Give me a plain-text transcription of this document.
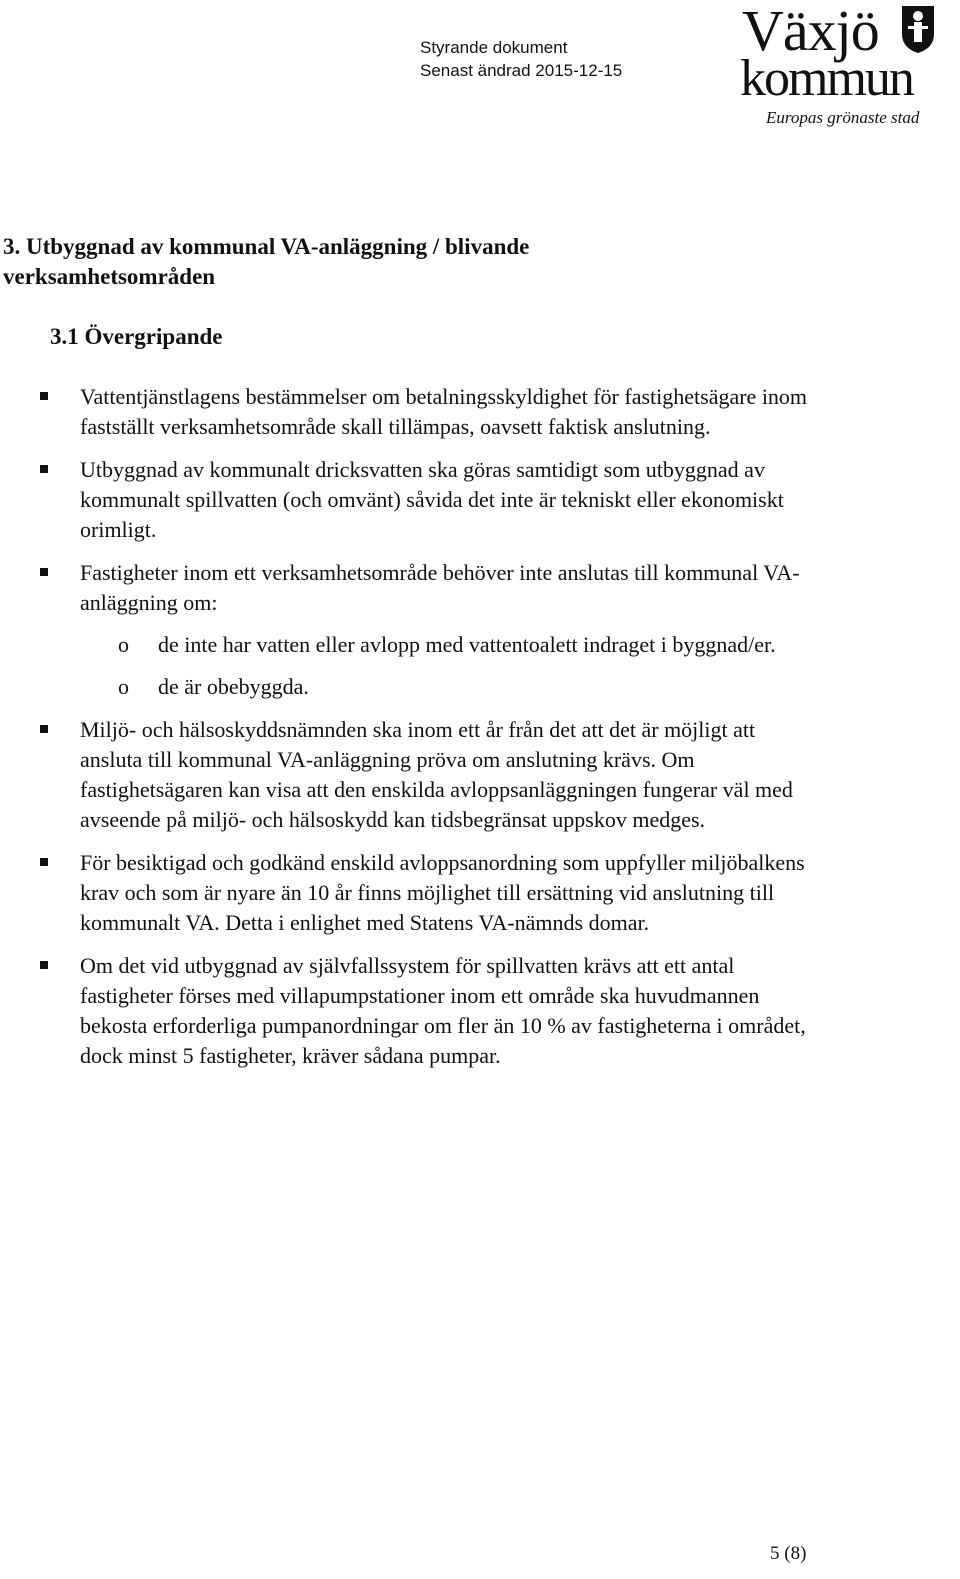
Styrande dokument
Senast ändrad 2015-12-15
Växjö
kommun
Europas grönaste stad
3. Utbyggnad av kommunal VA-anläggning / blivande verksamhetsområden
3.1 Övergripande
Vattentjänstlagens bestämmelser om betalningsskyldighet för fastighetsägare inom fastställt verksamhetsområde skall tillämpas, oavsett faktisk anslutning.
Utbyggnad av kommunalt dricksvatten ska göras samtidigt som utbyggnad av kommunalt spillvatten (och omvänt) såvida det inte är tekniskt eller ekonomiskt orimligt.
Fastigheter inom ett verksamhetsområde behöver inte anslutas till kommunal VA-anläggning om:
o de inte har vatten eller avlopp med vattentoalett indraget i byggnad/er.
o de är obebyggda.
Miljö- och hälsoskyddsnämnden ska inom ett år från det att det är möjligt att ansluta till kommunal VA-anläggning pröva om anslutning krävs. Om fastighetsägaren kan visa att den enskilda avloppsanläggningen fungerar väl med avseende på miljö- och hälsoskydd kan tidsbegränsat uppskov medges.
För besiktigad och godkänd enskild avloppsanordning som uppfyller miljöbalkens krav och som är nyare än 10 år finns möjlighet till ersättning vid anslutning till kommunalt VA. Detta i enlighet med Statens VA-nämnds domar.
Om det vid utbyggnad av självfallssystem för spillvatten krävs att ett antal fastigheter förses med villapumpstationer inom ett område ska huvudmannen bekosta erforderliga pumpanordningar om fler än 10 % av fastigheterna i området, dock minst 5 fastigheter, kräver sådana pumpar.
5 (8)
